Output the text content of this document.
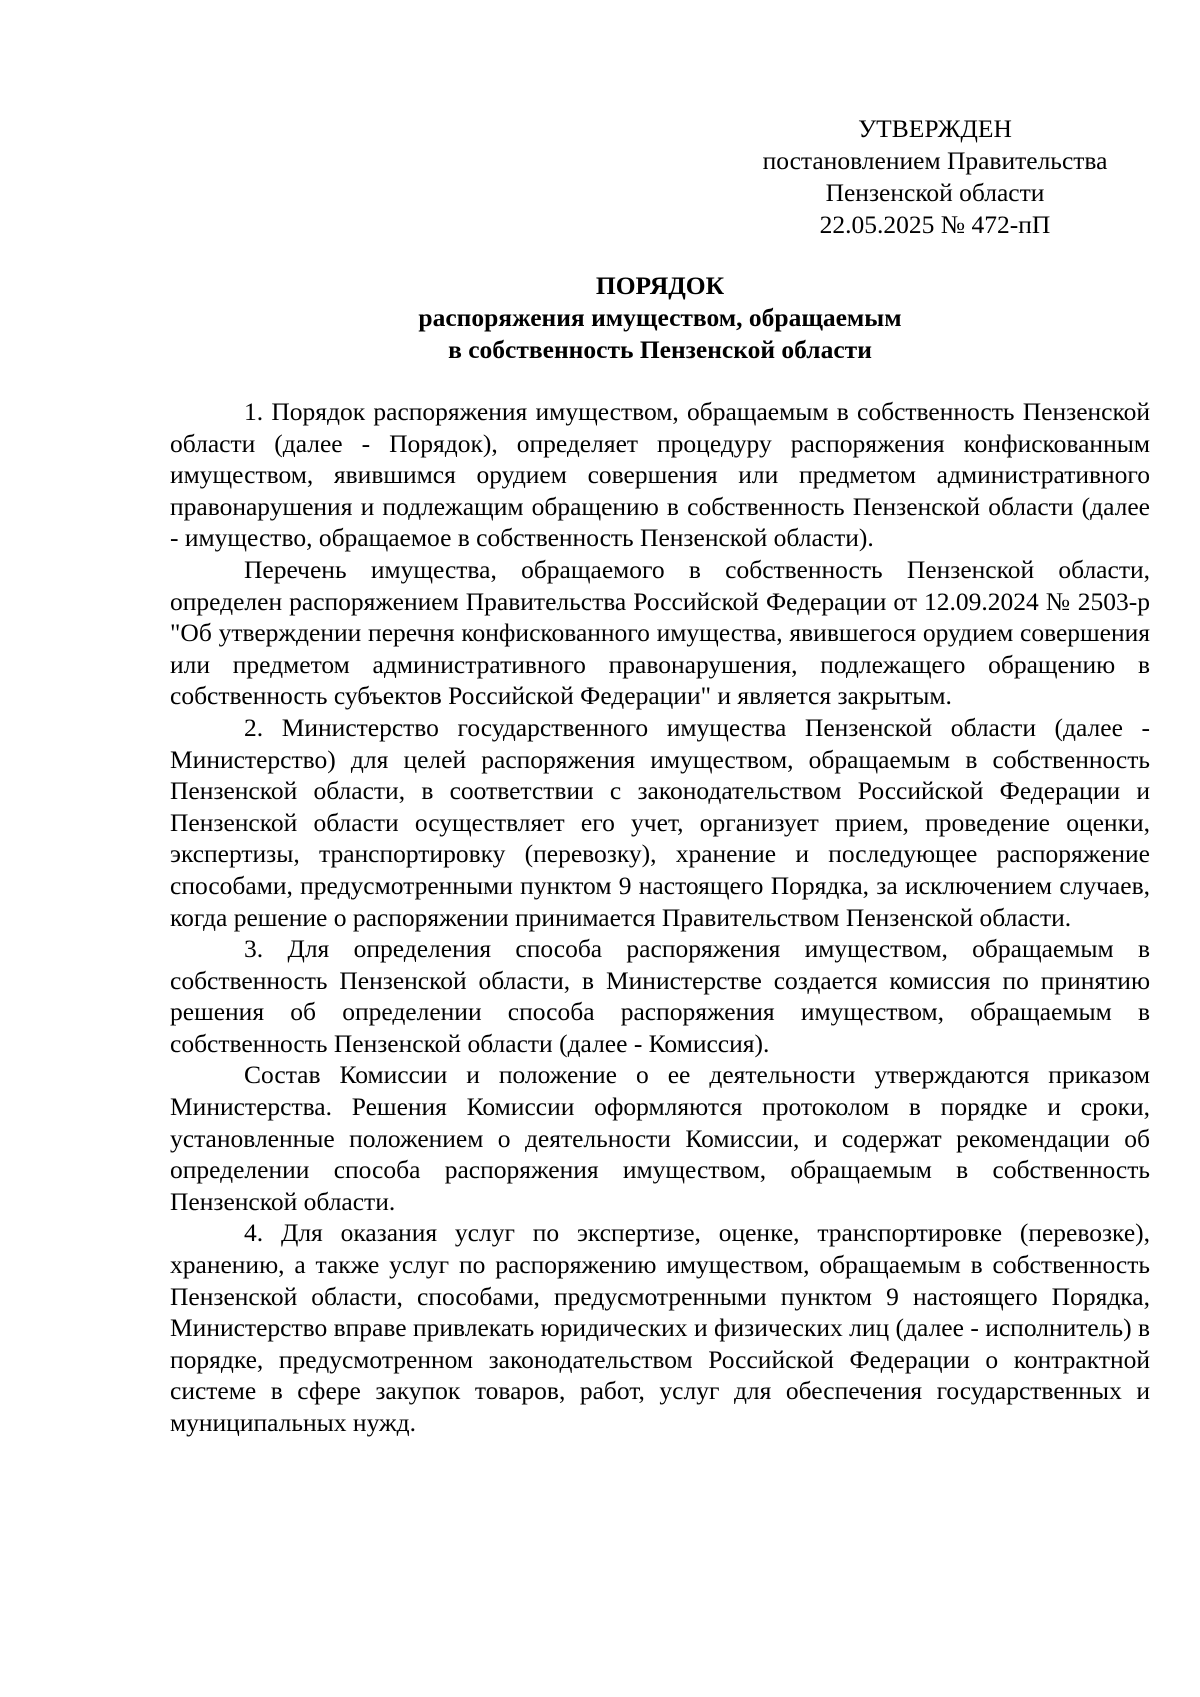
УТВЕРЖДЕН
постановлением Правительства
Пензенской области
22.05.2025 № 472-пП
ПОРЯДОК
распоряжения имуществом, обращаемым
в собственность Пензенской области

1. Порядок распоряжения имуществом, обращаемым в собственность Пензенской области (далее - Порядок), определяет процедуру распоряжения конфискованным имуществом, явившимся орудием совершения или предметом административного правонарушения и подлежащим обращению в собственность Пензенской области (далее - имущество, обращаемое в собственность Пензенской области).

Перечень имущества, обращаемого в собственность Пензенской области, определен распоряжением Правительства Российской Федерации от 12.09.2024 № 2503-р "Об утверждении перечня конфискованного имущества, явившегося орудием совершения или предметом административного правонарушения, подлежащего обращению в собственность субъектов Российской Федерации" и является закрытым.

2. Министерство государственного имущества Пензенской области (далее - Министерство) для целей распоряжения имуществом, обращаемым в собственность Пензенской области, в соответствии с законодательством Российской Федерации и Пензенской области осуществляет его учет, организует прием, проведение оценки, экспертизы, транспортировку (перевозку), хранение и последующее распоряжение способами, предусмотренными пунктом 9 настоящего Порядка, за исключением случаев, когда решение о распоряжении принимается Правительством Пензенской области.

3. Для определения способа распоряжения имуществом, обращаемым в собственность Пензенской области, в Министерстве создается комиссия по принятию решения об определении способа распоряжения имуществом, обращаемым в собственность Пензенской области (далее - Комиссия).

Состав Комиссии и положение о ее деятельности утверждаются приказом Министерства. Решения Комиссии оформляются протоколом в порядке и сроки, установленные положением о деятельности Комиссии, и содержат рекомендации об определении способа распоряжения имуществом, обращаемым в собственность Пензенской области.

4. Для оказания услуг по экспертизе, оценке, транспортировке (перевозке), хранению, а также услуг по распоряжению имуществом, обращаемым в собственность Пензенской области, способами, предусмотренными пунктом 9 настоящего Порядка, Министерство вправе привлекать юридических и физических лиц (далее - исполнитель) в порядке, предусмотренном законодательством Российской Федерации о контрактной системе в сфере закупок товаров, работ, услуг для обеспечения государственных и муниципальных нужд.
